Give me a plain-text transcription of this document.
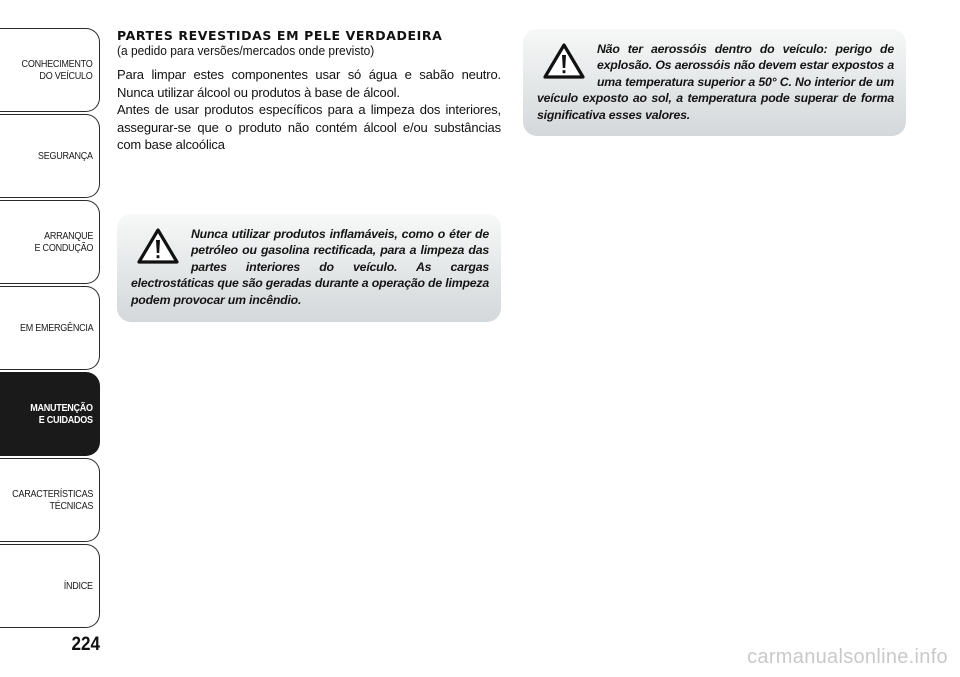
CONHECIMENTO
DO VEÍCULO
SEGURANÇA
ARRANQUE
E CONDUÇÃO
EM EMERGÊNCIA
MANUTENÇÃO
E CUIDADOS
CARACTERÍSTICAS
TÉCNICAS
ÍNDICE
224
PARTES REVESTIDAS EM PELE VERDADEIRA

(a pedido para versões/mercados onde previsto)

Para limpar estes componentes usar só água e sabão neutro. Nunca utilizar álcool ou produtos à base de álcool.

Antes de usar produtos específicos para a limpeza dos interiores, assegurar-se que o produto não contém álcool e/ou substâncias com base alcoólica

Nunca utilizar produtos inflamáveis, como o éter de petróleo ou gasolina rectificada, para a limpeza das partes interiores do veículo. As cargas electrostáticas que são geradas durante a operação de limpeza podem provocar um incêndio.

Não ter aerossóis dentro do veículo: perigo de explosão. Os aerossóis não devem estar expostos a uma temperatura superior a 50° C. No interior de um veículo exposto ao sol, a temperatura pode superar de forma significativa esses valores.

carmanualsonline.info
